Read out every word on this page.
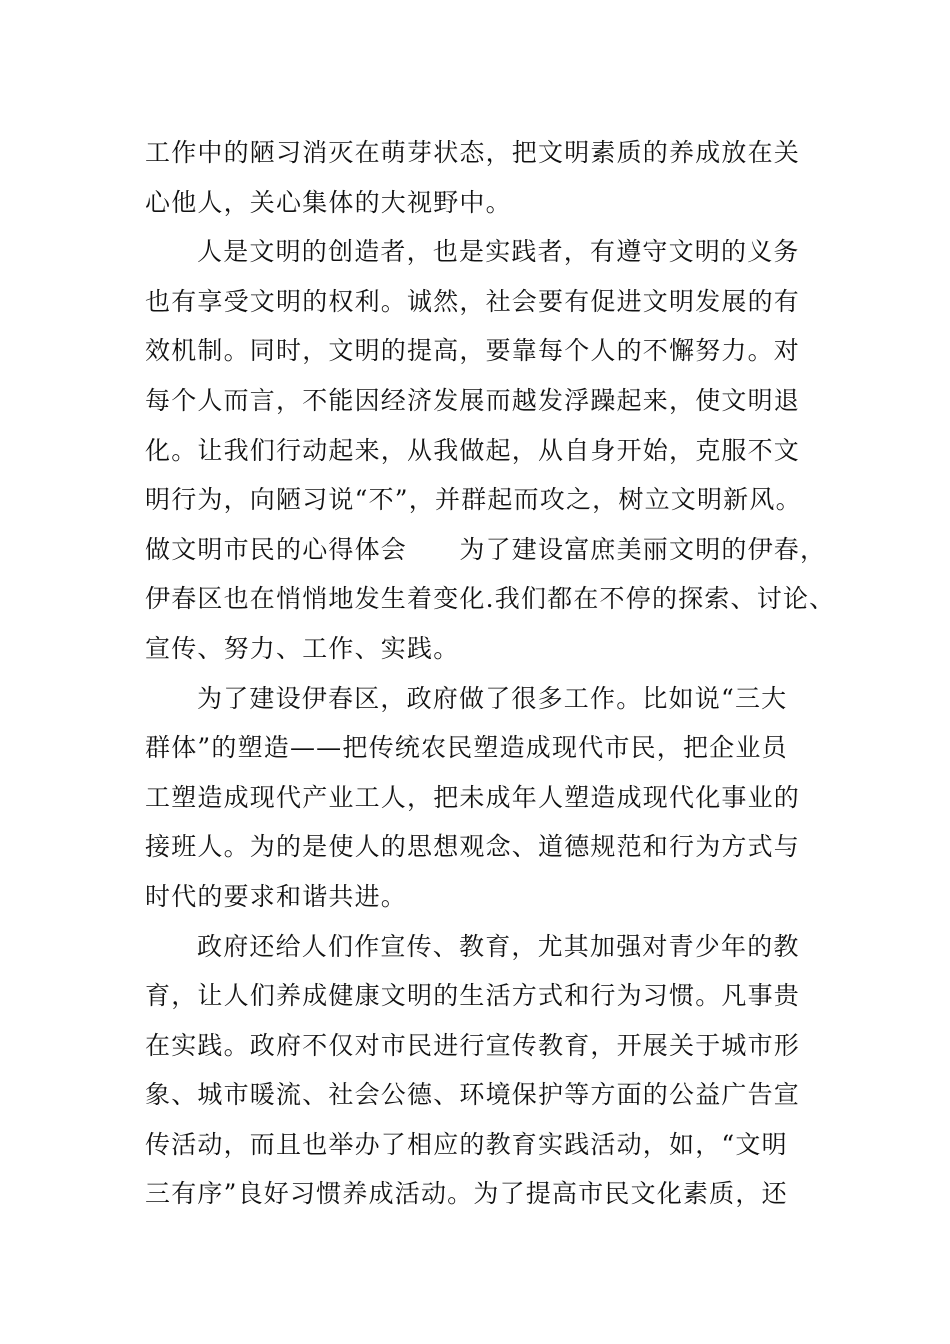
工作中的陋习消灭在萌芽状态，把文明素质的养成放在关
心他人，关心集体的大视野中。
人是文明的创造者，也是实践者，有遵守文明的义务
也有享受文明的权利。诚然，社会要有促进文明发展的有
效机制。同时，文明的提高，要靠每个人的不懈努力。对
每个人而言，不能因经济发展而越发浮躁起来，使文明退
化。让我们行动起来，从我做起，从自身开始，克服不文
明行为，向陋习说“不”，并群起而攻之，树立文明新风。
做文明市民的心得体会　　为了建设富庶美丽文明的伊春，
伊春区也在悄悄地发生着变化.我们都在不停的探索、讨论、
宣传、努力、工作、实践。
为了建设伊春区，政府做了很多工作。比如说“三大
群体”的塑造——把传统农民塑造成现代市民，把企业员
工塑造成现代产业工人，把未成年人塑造成现代化事业的
接班人。为的是使人的思想观念、道德规范和行为方式与
时代的要求和谐共进。
政府还给人们作宣传、教育，尤其加强对青少年的教
育，让人们养成健康文明的生活方式和行为习惯。凡事贵
在实践。政府不仅对市民进行宣传教育，开展关于城市形
象、城市暖流、社会公德、环境保护等方面的公益广告宣
传活动，而且也举办了相应的教育实践活动，如，“文明
三有序”良好习惯养成活动。为了提高市民文化素质，还
